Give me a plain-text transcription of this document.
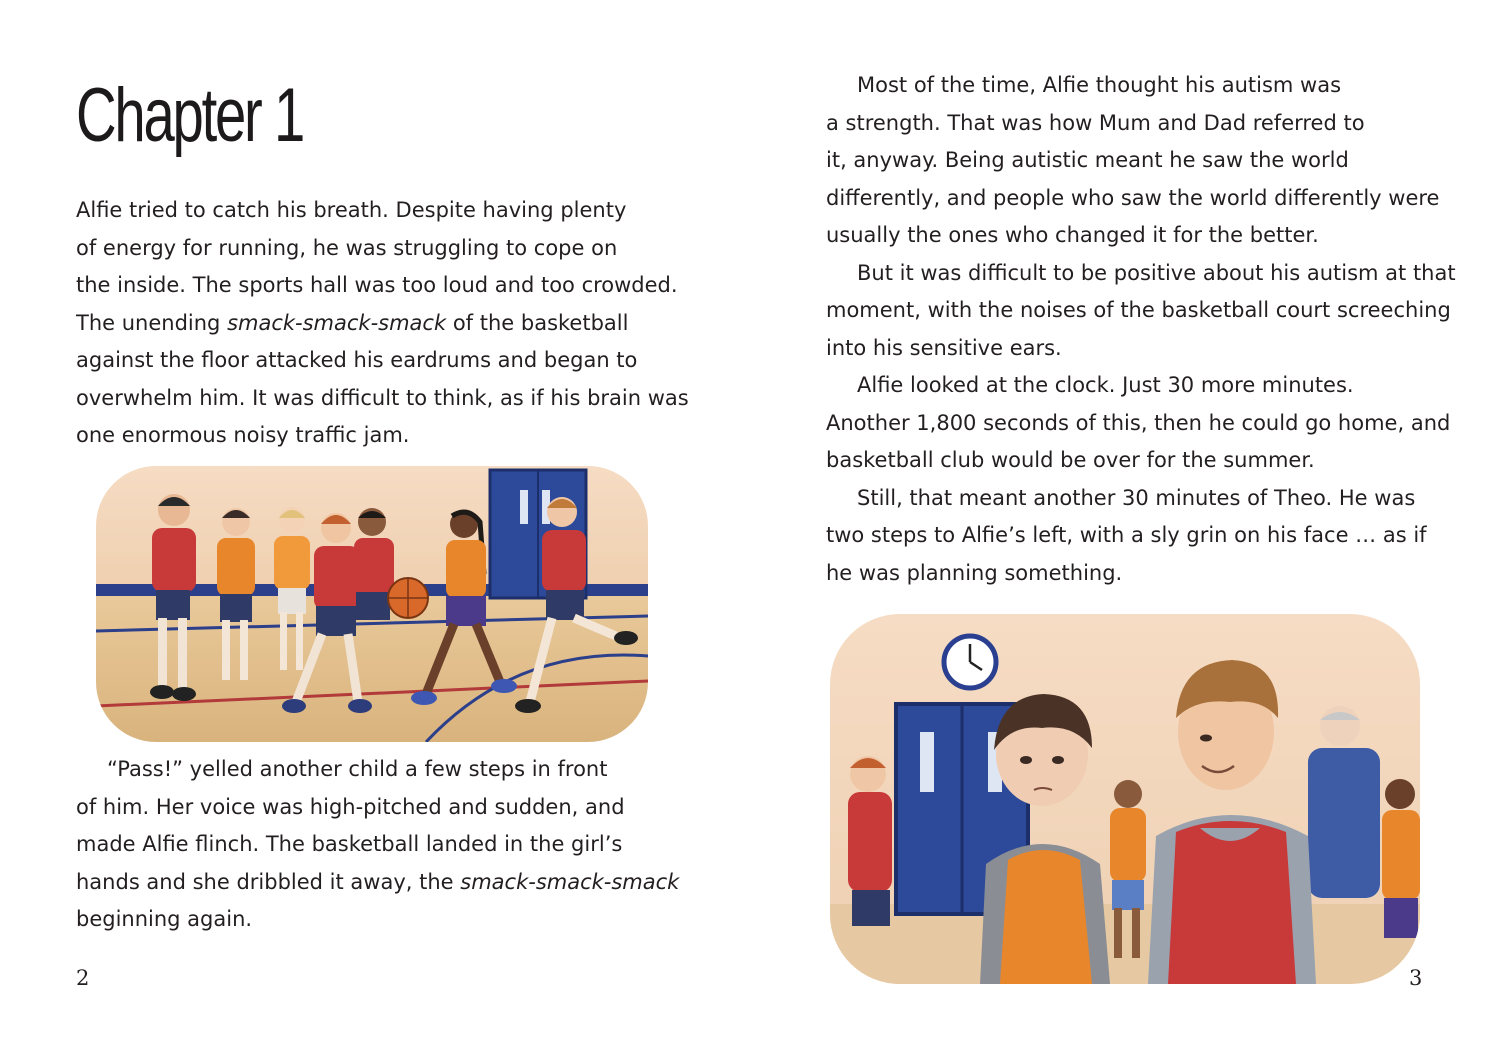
Chapter 1

Alfie tried to catch his breath. Despite having plenty

of energy for running, he was struggling to cope on

the inside. The sports hall was too loud and too crowded.

The unending smack-smack-smack of the basketball

against the floor attacked his eardrums and began to

overwhelm him. It was difficult to think, as if his brain was

one enormous noisy traffic jam.

“Pass!” yelled another child a few steps in front

of him. Her voice was high-pitched and sudden, and

made Alfie flinch. The basketball landed in the girl’s

hands and she dribbled it away, the smack-smack-smack

beginning again.

2

Most of the time, Alfie thought his autism was

a strength. That was how Mum and Dad referred to

it, anyway. Being autistic meant he saw the world

differently, and people who saw the world differently were

usually the ones who changed it for the better.

But it was difficult to be positive about his autism at that

moment, with the noises of the basketball court screeching

into his sensitive ears.

Alfie looked at the clock. Just 30 more minutes.

Another 1,800 seconds of this, then he could go home, and

basketball club would be over for the summer.

Still, that meant another 30 minutes of Theo. He was

two steps to Alfie’s left, with a sly grin on his face … as if

he was planning something.

3
